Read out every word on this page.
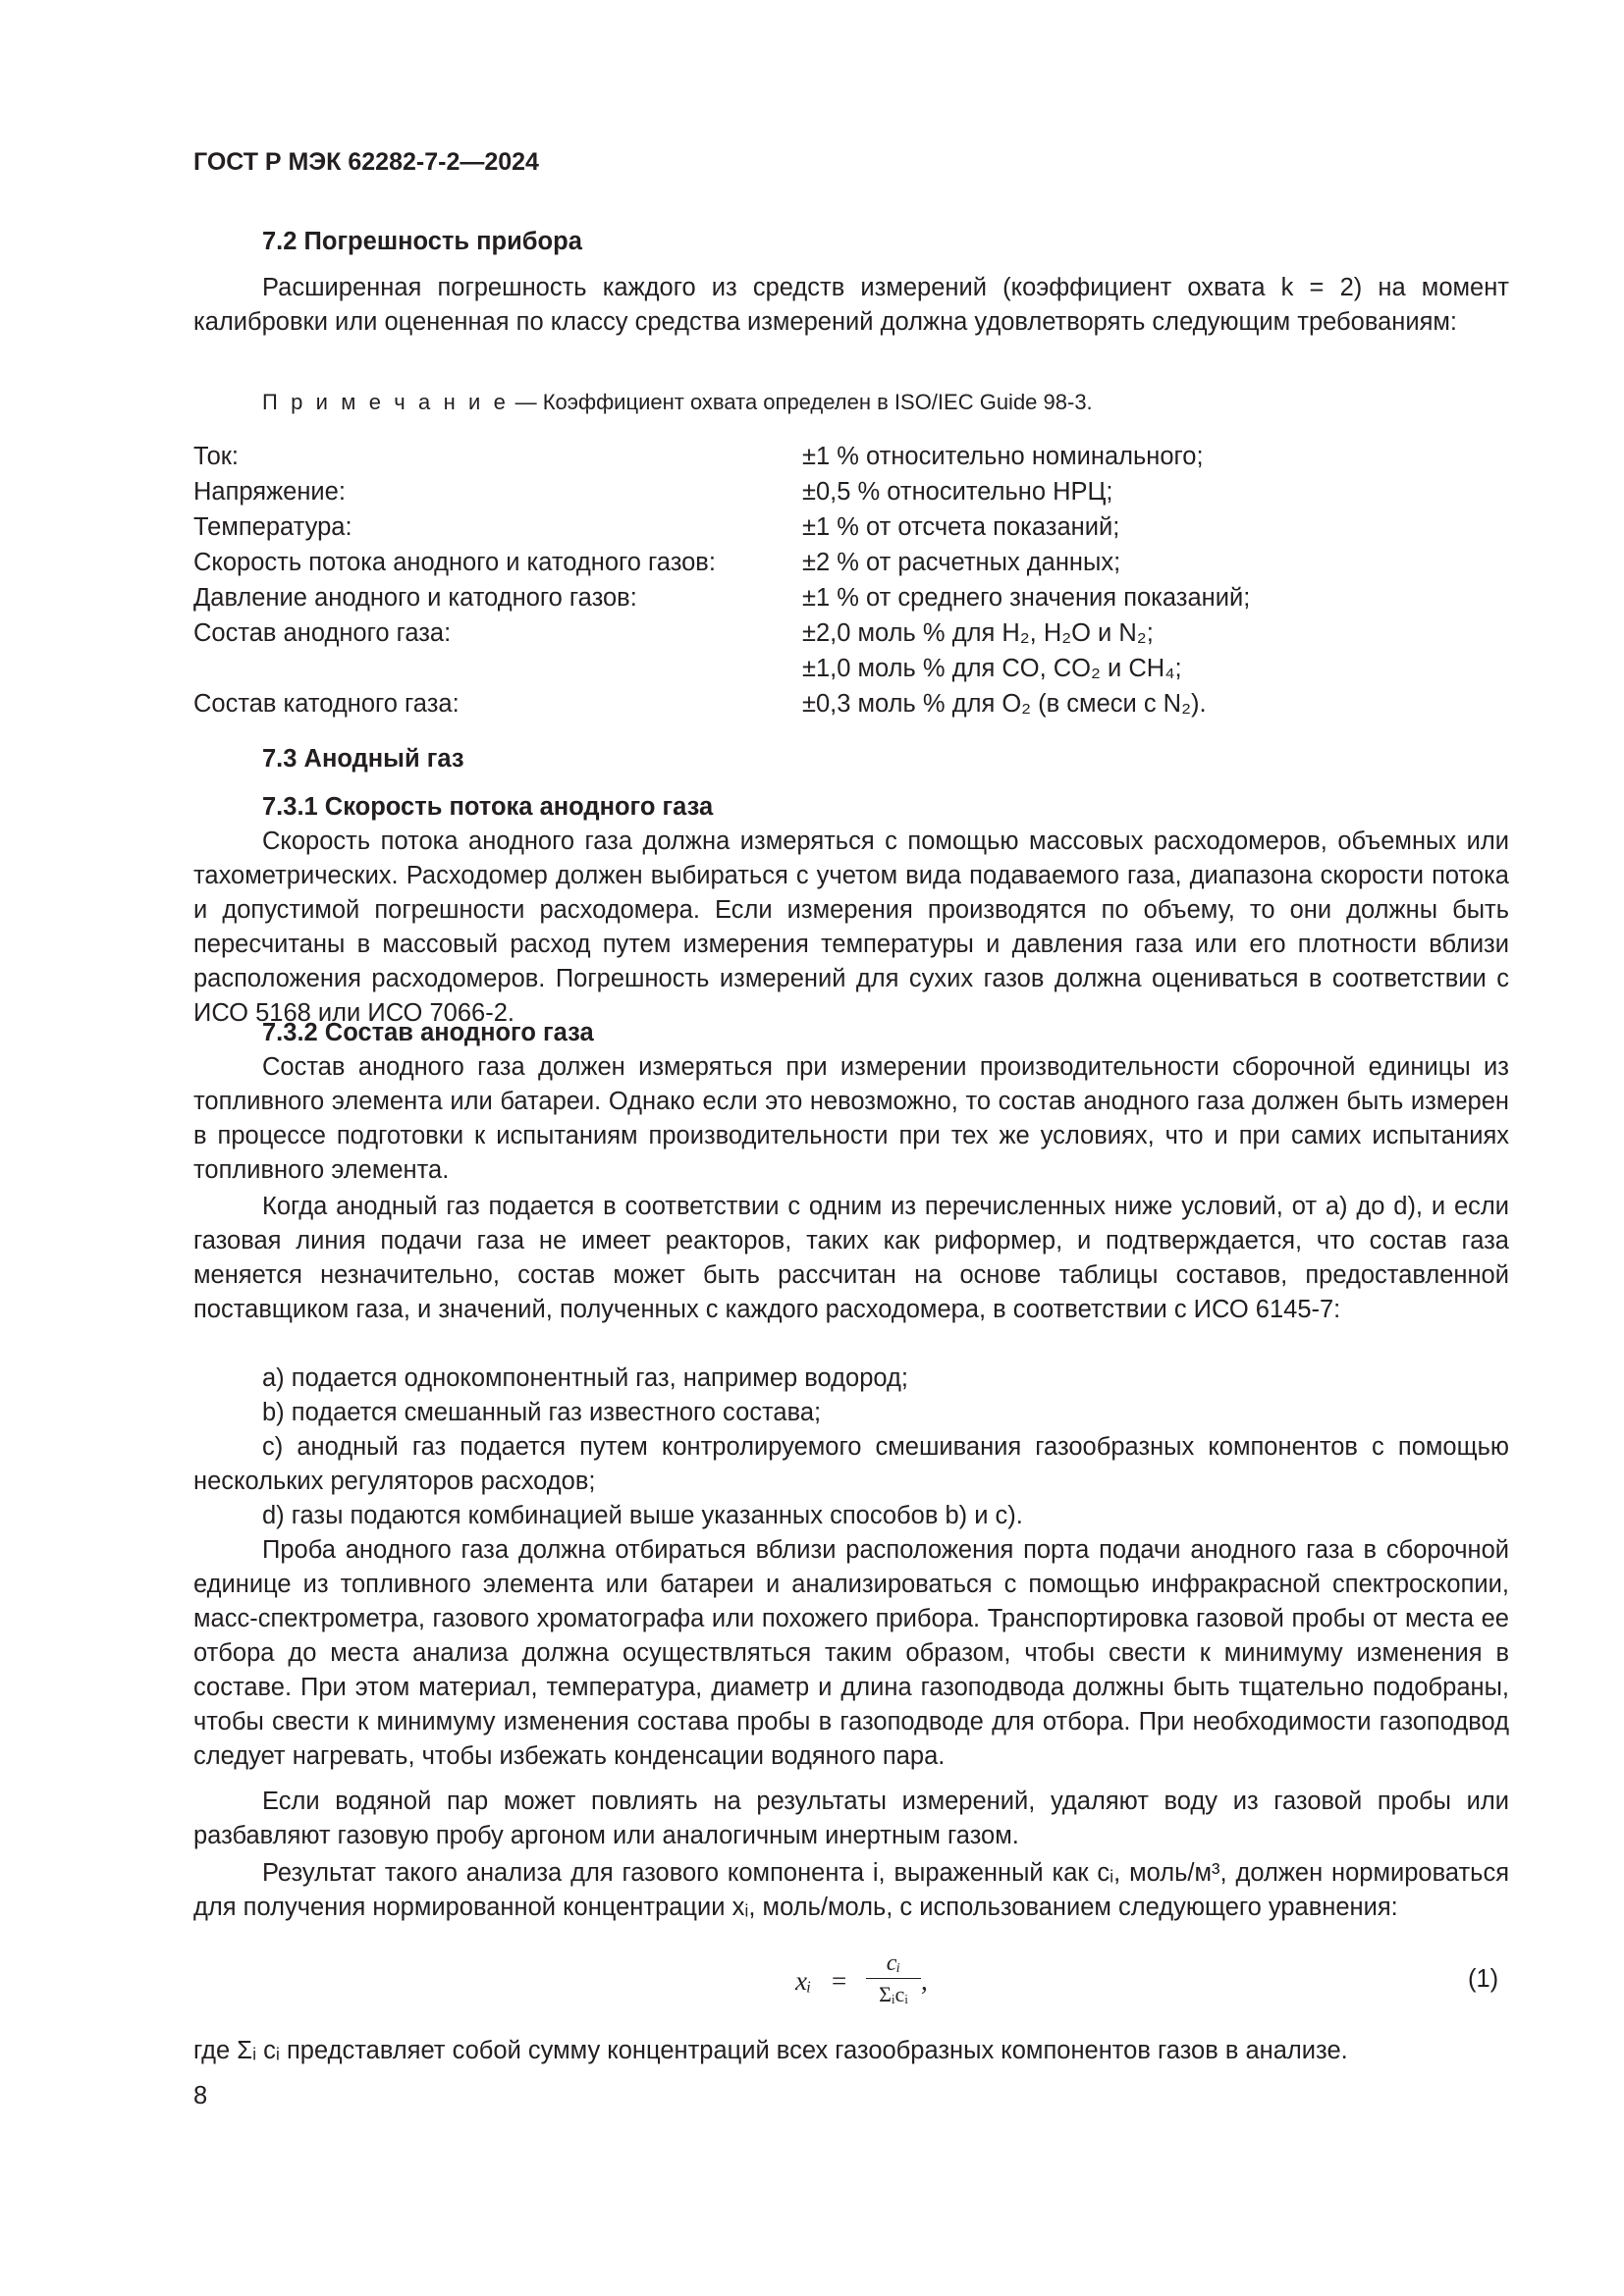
ГОСТ Р МЭК 62282-7-2—2024
7.2 Погрешность прибора
Расширенная погрешность каждого из средств измерений (коэффициент охвата k = 2) на момент калибровки или оцененная по классу средства измерений должна удовлетворять следующим требованиям:
П р и м е ч а н и е — Коэффициент охвата определен в ISO/IEC Guide 98-3.
Ток:	±1 % относительно номинального;
Напряжение:	±0,5 % относительно НРЦ;
Температура:	±1 % от отсчета показаний;
Скорость потока анодного и катодного газов:	±2 % от расчетных данных;
Давление анодного и катодного газов:	±1 % от среднего значения показаний;
Состав анодного газа:	±2,0 моль % для H₂, H₂O и N₂;
±1,0 моль % для CO, CO₂ и CH₄;
Состав катодного газа:	±0,3 моль % для O₂ (в смеси с N₂).
7.3 Анодный газ
7.3.1 Скорость потока анодного газа
Скорость потока анодного газа должна измеряться с помощью массовых расходомеров, объемных или тахометрических. Расходомер должен выбираться с учетом вида подаваемого газа, диапазона скорости потока и допустимой погрешности расходомера. Если измерения производятся по объему, то они должны быть пересчитаны в массовый расход путем измерения температуры и давления газа или его плотности вблизи расположения расходомеров. Погрешность измерений для сухих газов должна оцениваться в соответствии с ИСО 5168 или ИСО 7066-2.
7.3.2 Состав анодного газа
Состав анодного газа должен измеряться при измерении производительности сборочной единицы из топливного элемента или батареи. Однако если это невозможно, то состав анодного газа должен быть измерен в процессе подготовки к испытаниям производительности при тех же условиях, что и при самих испытаниях топливного элемента.
Когда анодный газ подается в соответствии с одним из перечисленных ниже условий, от a) до d), и если газовая линия подачи газа не имеет реакторов, таких как риформер, и подтверждается, что состав газа меняется незначительно, состав может быть рассчитан на основе таблицы составов, предоставленной поставщиком газа, и значений, полученных с каждого расходомера, в соответствии с ИСО 6145-7:
a) подается однокомпонентный газ, например водород;
b) подается смешанный газ известного состава;
c) анодный газ подается путем контролируемого смешивания газообразных компонентов с помощью нескольких регуляторов расходов;
d) газы подаются комбинацией выше указанных способов b) и c).
Проба анодного газа должна отбираться вблизи расположения порта подачи анодного газа в сборочной единице из топливного элемента или батареи и анализироваться с помощью инфракрасной спектроскопии, масс-спектрометра, газового хроматографа или похожего прибора. Транспортировка газовой пробы от места ее отбора до места анализа должна осуществляться таким образом, чтобы свести к минимуму изменения в составе. При этом материал, температура, диаметр и длина газоподвода должны быть тщательно подобраны, чтобы свести к минимуму изменения состава пробы в газоподводе для отбора. При необходимости газоподвод следует нагревать, чтобы избежать конденсации водяного пара.
Если водяной пар может повлиять на результаты измерений, удаляют воду из газовой пробы или разбавляют газовую пробу аргоном или аналогичным инертным газом.
Результат такого анализа для газового компонента i, выраженный как cᵢ, моль/м³, должен нормироваться для получения нормированной концентрации xᵢ, моль/моль, с использованием следующего уравнения:
xᵢ =
cᵢ
Σᵢcᵢ ,	(1)
где Σᵢ cᵢ представляет собой сумму концентраций всех газообразных компонентов газов в анализе.
8
